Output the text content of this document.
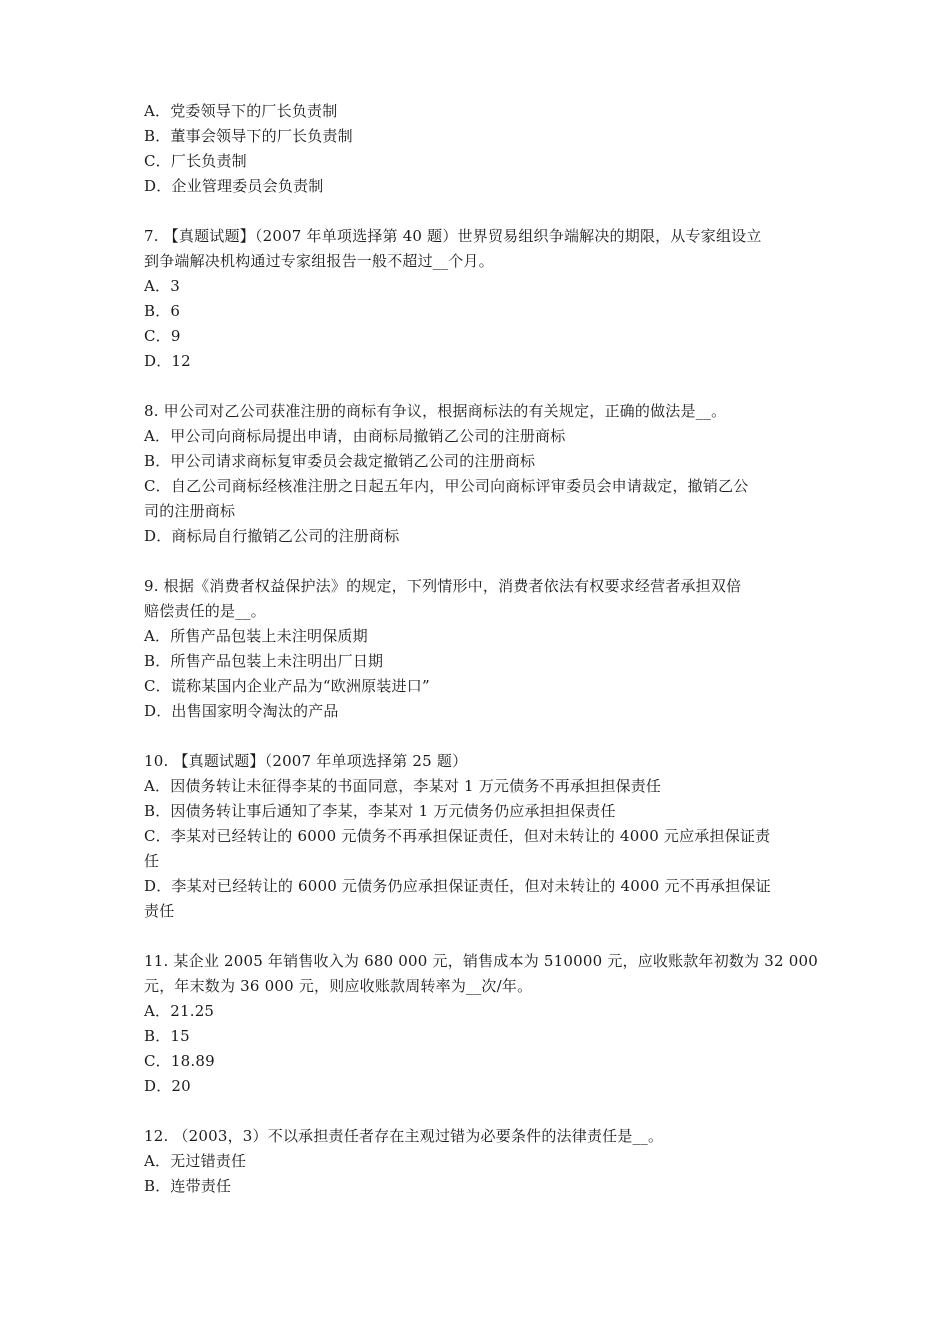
A．党委领导下的厂长负责制
B．董事会领导下的厂长负责制
C．厂长负责制
D．企业管理委员会负责制
7. 【真题试题】（2007 年单项选择第 40 题）世界贸易组织争端解决的期限，从专家组设立
到争端解决机构通过专家组报告一般不超过__个月。
A．3
B．6
C．9
D．12
8. 甲公司对乙公司获准注册的商标有争议，根据商标法的有关规定，正确的做法是__。
A．甲公司向商标局提出申请，由商标局撤销乙公司的注册商标
B．甲公司请求商标复审委员会裁定撤销乙公司的注册商标
C．自乙公司商标经核准注册之日起五年内，甲公司向商标评审委员会申请裁定，撤销乙公
司的注册商标
D．商标局自行撤销乙公司的注册商标
9. 根据《消费者权益保护法》的规定，下列情形中，消费者依法有权要求经营者承担双倍
赔偿责任的是__。
A．所售产品包装上未注明保质期
B．所售产品包装上未注明出厂日期
C．谎称某国内企业产品为“欧洲原装进口”
D．出售国家明令淘汰的产品
10. 【真题试题】（2007 年单项选择第 25 题）
A．因债务转让未征得李某的书面同意，李某对 1 万元债务不再承担担保责任
B．因债务转让事后通知了李某，李某对 1 万元债务仍应承担担保责任
C．李某对已经转让的 6000 元债务不再承担保证责任，但对未转让的 4000 元应承担保证责
任
D．李某对已经转让的 6000 元债务仍应承担保证责任，但对未转让的 4000 元不再承担保证
责任
11. 某企业 2005 年销售收入为 680 000 元，销售成本为 510000 元，应收账款年初数为 32 000
元，年末数为 36 000 元，则应收账款周转率为__次/年。
A．21.25
B．15
C．18.89
D．20
12. （2003，3）不以承担责任者存在主观过错为必要条件的法律责任是__。
A．无过错责任
B．连带责任
